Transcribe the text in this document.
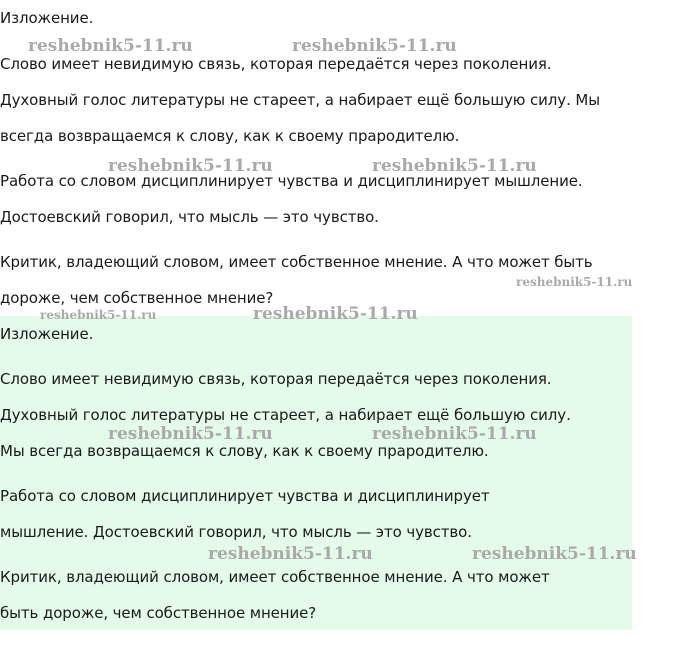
Изложение.
Слово имеет невидимую связь, которая передаётся через поколения.
Духовный голос литературы не стареет, а набирает ещё большую силу. Мы
всегда возвращаемся к слову, как к своему прародителю.
Работа со словом дисциплинирует чувства и дисциплинирует мышление.
Достоевский говорил, что мысль — это чувство.
Критик, владеющий словом, имеет собственное мнение. А что может быть
дороже, чем собственное мнение?
Изложение.
Слово имеет невидимую связь, которая передаётся через поколения.
Духовный голос литературы не стареет, а набирает ещё большую силу.
Мы всегда возвращаемся к слову, как к своему прародителю.
Работа со словом дисциплинирует чувства и дисциплинирует
мышление. Достоевский говорил, что мысль — это чувство.
Критик, владеющий словом, имеет собственное мнение. А что может
быть дороже, чем собственное мнение?
reshebnik5-11.ru	reshebnik5-11.ru
reshebnik5-11.ru	reshebnik5-11.ru
reshebnik5-11.ru
reshebnik5-11.ru	reshebnik5-11.ru
reshebnik5-11.ru	reshebnik5-11.ru
reshebnik5-11.ru	reshebnik5-11.ru
